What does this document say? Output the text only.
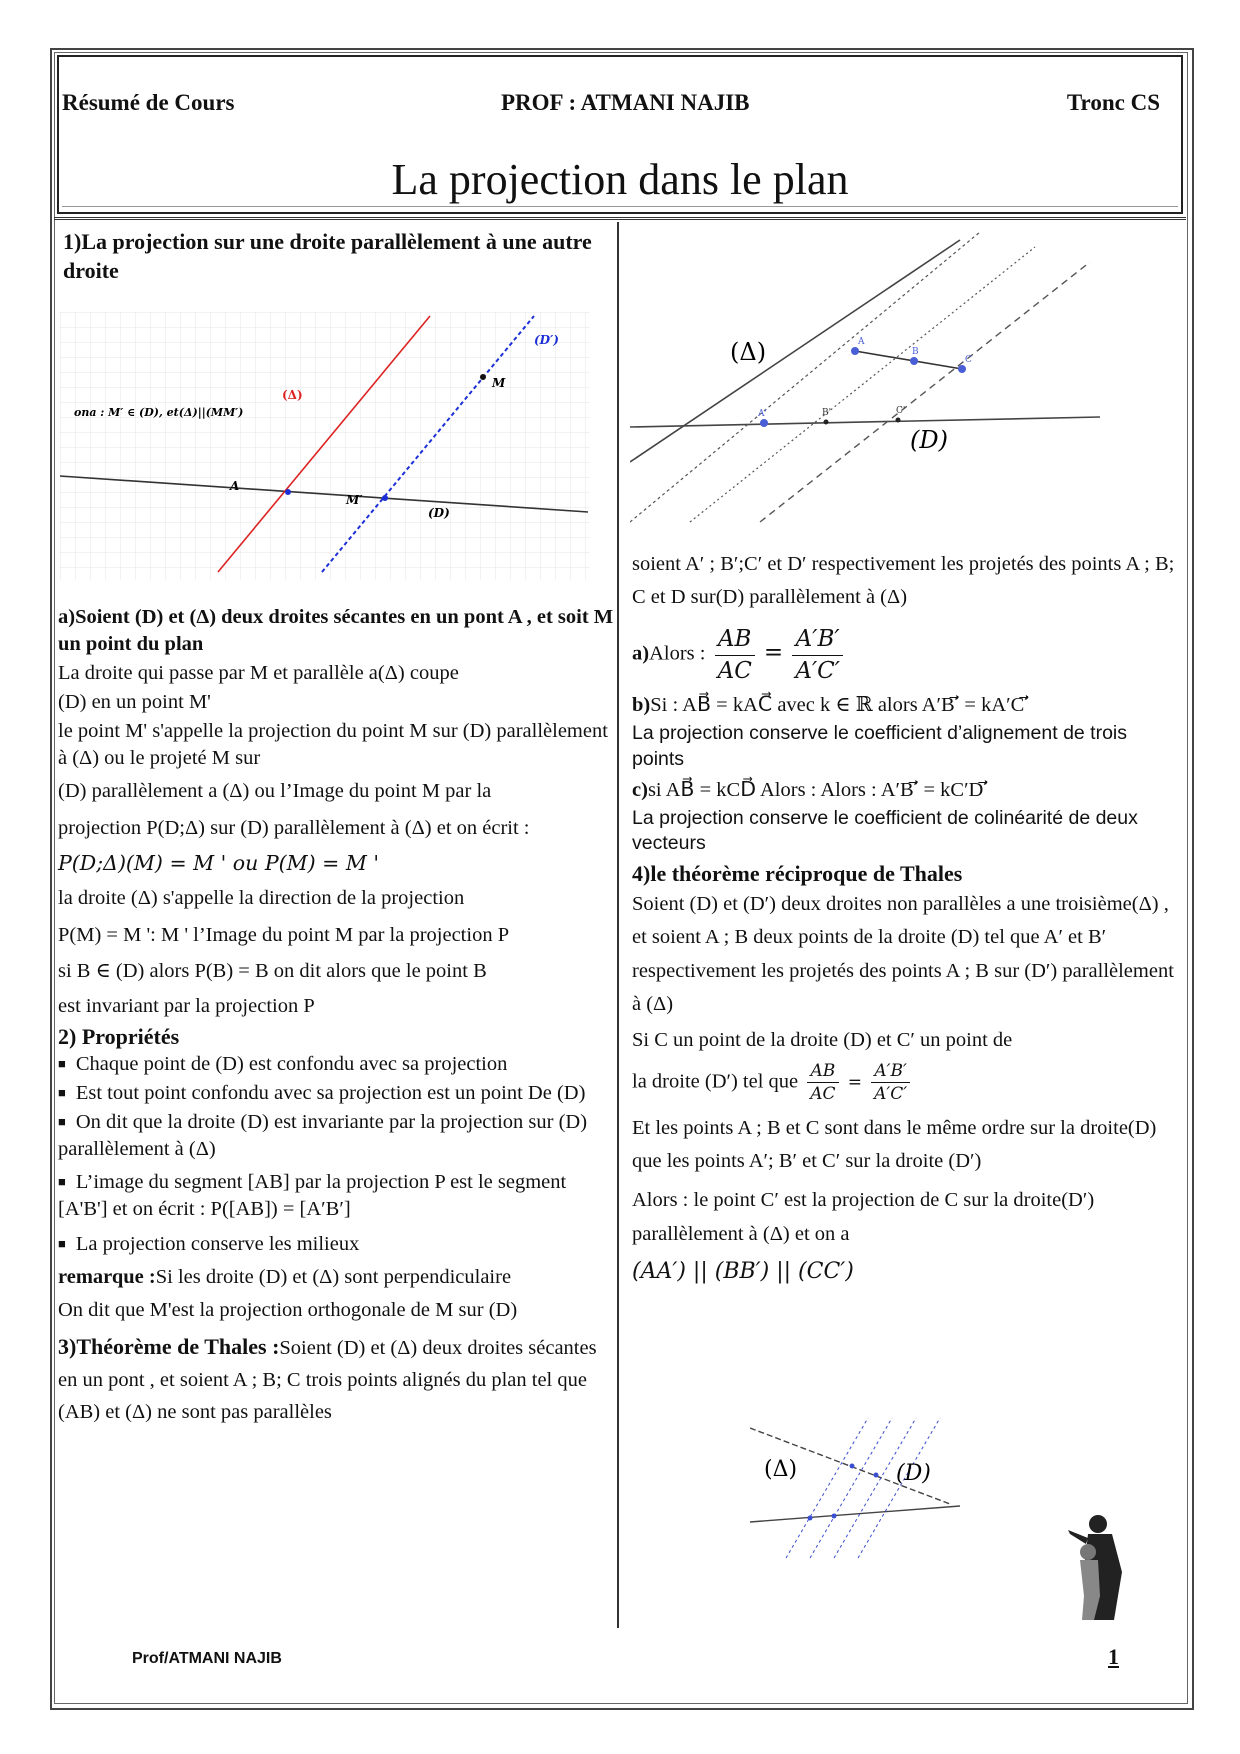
Résumé de Cours	PROF : ATMANI NAJIB	Tronc CS
La projection dans le plan
1)La projection sur une droite parallèlement à une autre droite
(D′)
(Δ)
M
A
M′
(D)
ona : M′ ∈ (D), et(Δ)||(MM′)

a)Soient (D) et (Δ) deux droites sécantes en un pont A , et soit M un point du plan

La droite qui passe par M et parallèle a(Δ) coupe

(D) en un point M'

le point M' s'appelle la projection du point M sur (D) parallèlement à (Δ) ou le projeté M sur

(D) parallèlement a (Δ) ou l’Image du point M par la

projection P(D;Δ) sur (D) parallèlement à (Δ) et on écrit :

P(D;Δ)(M) = M ' ou P(M) = M '

la droite (Δ) s'appelle la direction de la projection

P(M) = M ': M ' l’Image du point M par la projection P

si B ∈ (D) alors P(B) = B on dit alors que le point B

est invariant par la projection P

2) Propriétés

■ Chaque point de (D) est confondu avec sa projection

■ Est tout point confondu avec sa projection est un point De (D)

■ On dit que la droite (D) est invariante par la projection sur (D) parallèlement à (Δ)

■ L’image du segment [AB] par la projection P est le segment [A'B'] et on écrit : P([AB]) = [A′B′]

■ La projection conserve les milieux

remarque :Si les droite (D) et (Δ) sont perpendiculaire

On dit que M'est la projection orthogonale de M sur (D)

3)Théorème de Thales :Soient (D) et (Δ) deux droites sécantes en un pont , et soient A ; B; C trois points alignés du plan tel que (AB) et (Δ) ne sont pas parallèles

A
B
C
A'	B'	C'
(Δ)
(D)

soient A′ ; B′;C′ et D′ respectivement les projetés des points A ; B; C et D sur(D) parallèlement à (Δ)

a)Alors : $\frac{AB}{AC} = \frac{A'B'}{A'C'}$

b)Si : AB⃗ = kAC⃗ avec k ∈ ℝ alors A′B′⃗ = kA′C′⃗

La projection conserve le coefficient d’alignement de trois points

c)si AB⃗ = kCD⃗ Alors : Alors : A′B′⃗ = kC′D′⃗

La projection conserve le coefficient de colinéarité de deux vecteurs

4)le théorème réciproque de Thales

Soient (D) et (D′) deux droites non parallèles a une troisième(Δ) , et soient A ; B deux points de la droite (D) tel que A′ et B′ respectivement les projetés des points A ; B sur (D′) parallèlement à (Δ)

Si C un point de la droite (D) et C′ un point de

la droite (D′) tel que $\frac{AB}{AC} = \frac{A'B'}{A'C'}$

Et les points A ; B et C sont dans le même ordre sur la droite(D) que les points A′; B′ et C′ sur la droite (D′)

Alors : le point C′ est la projection de C sur la droite(D′) parallèlement à (Δ) et on a

(AA′) || (BB′) || (CC′)

(Δ)	(D)
Prof/ATMANI NAJIB	1
